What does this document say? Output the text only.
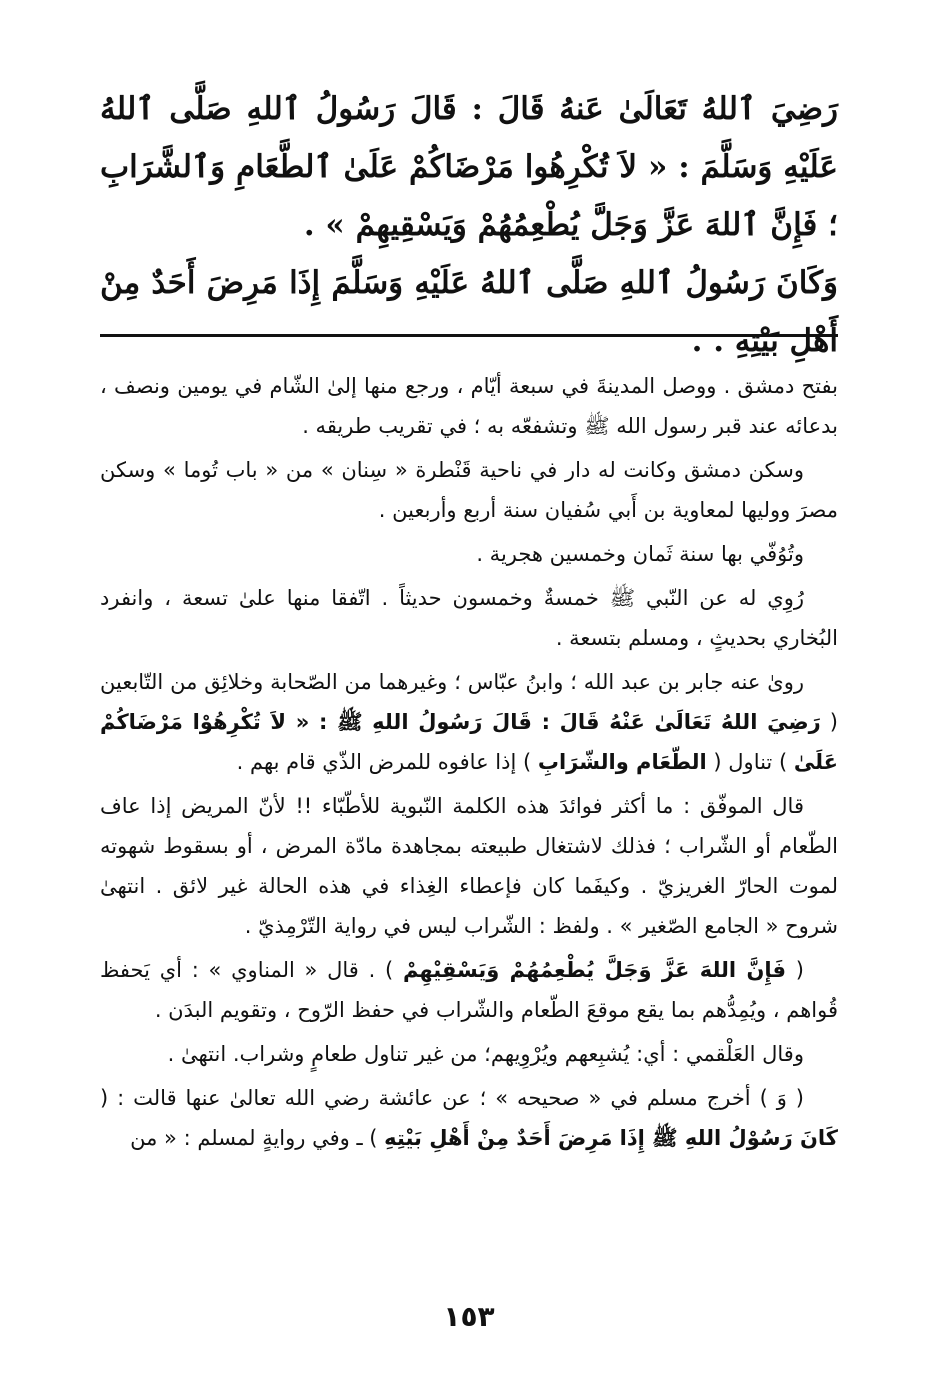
رَضِيَ ٱللهُ تَعَالَىٰ عَنهُ قَالَ : قَالَ رَسُولُ ٱللهِ صَلَّى ٱللهُ عَلَيْهِ وَسَلَّمَ : « لاَ تُكْرِهُوا مَرْضَاكُمْ عَلَىٰ ٱلطَّعَامِ وَٱلشَّرَابِ ؛ فَإِنَّ ٱللهَ عَزَّ وَجَلَّ يُطْعِمُهُمْ وَيَسْقِيهِمْ » .

وَكَانَ رَسُولُ ٱللهِ صَلَّى ٱللهُ عَلَيْهِ وَسَلَّمَ إِذَا مَرِضَ أَحَدٌ مِنْ أَهْلِ بَيْتِهِ . .

بفتح دمشق . ووصل المدينةَ في سبعة أيّام ، ورجع منها إلىٰ الشّام في يومين ونصف ، بدعائه عند قبر رسول الله ﷺ وتشفعّه به ؛ في تقريب طريقه .

وسكن دمشق وكانت له دار في ناحية قَنْطرة « سِنان » من « باب تُوما » وسكن مصرَ ووليها لمعاوية بن أَبي سُفيان سنة أربع وأربعين .

وتُوُفّي بها سنة ثَمان وخمسين هجرية .

رُوِي له عن النّبي ﷺ خمسةٌ وخمسون حديثاً . اتّفقا منها علىٰ تسعة ، وانفرد البُخاري بحديثٍ ، ومسلم بتسعة .

روىٰ عنه جابر بن عبد الله ؛ وابنُ عبّاس ؛ وغيرهما من الصّحابة وخلائِق من التّابعين ( رَضِيَ اللهُ تَعَالَىٰ عَنْهُ قَالَ : قَالَ رَسُولُ اللهِ ﷺ : « لاَ تُكْرِهُوْا مَرْضَاكُمْ عَلَىٰ ) تناول ( الطّعَام والشّرَابِ ) إذا عافوه للمرض الذّي قام بهم .

قال الموفّق : ما أكثر فوائدَ هذه الكلمة النّبوية للأطّبّاء !! لأنّ المريض إذا عاف الطّعام أو الشّراب ؛ فذلك لاشتغال طبيعته بمجاهدة مادّة المرض ، أو بسقوط شهوته لموت الحارّ الغريزيّ . وكيفَما كان فإعطاء الغِذاء في هذه الحالة غير لائق . انتهىٰ شروح « الجامع الصّغير » . ولفظ : الشّراب ليس في رواية التّرْمِذيّ .

( فَإِنَّ اللهَ عَزَّ وَجَلَّ يُطْعِمُهُمْ وَيَسْقِيْهِمْ ) . قال « المناوي » : أي يَحفظ قُواهم ، ويُمِدُّهم بما يقع موقعَ الطّعام والشّراب في حفظ الرّوح ، وتقويم البدَن .

وقال العَلْقمي : أي: يُشبِعهم ويُرْوِيهم؛ من غير تناول طعامٍ وشراب. انتهىٰ .

( وَ ) أخرج مسلم في « صحيحه » ؛ عن عائشة رضي الله تعالىٰ عنها قالت : ( كَانَ رَسُوْلُ اللهِ ﷺ إِذَا مَرِضَ أَحَدٌ مِنْ أَهْلِ بَيْتِهِ ) ـ وفي روايةٍ لمسلم : « من

١٥٣
